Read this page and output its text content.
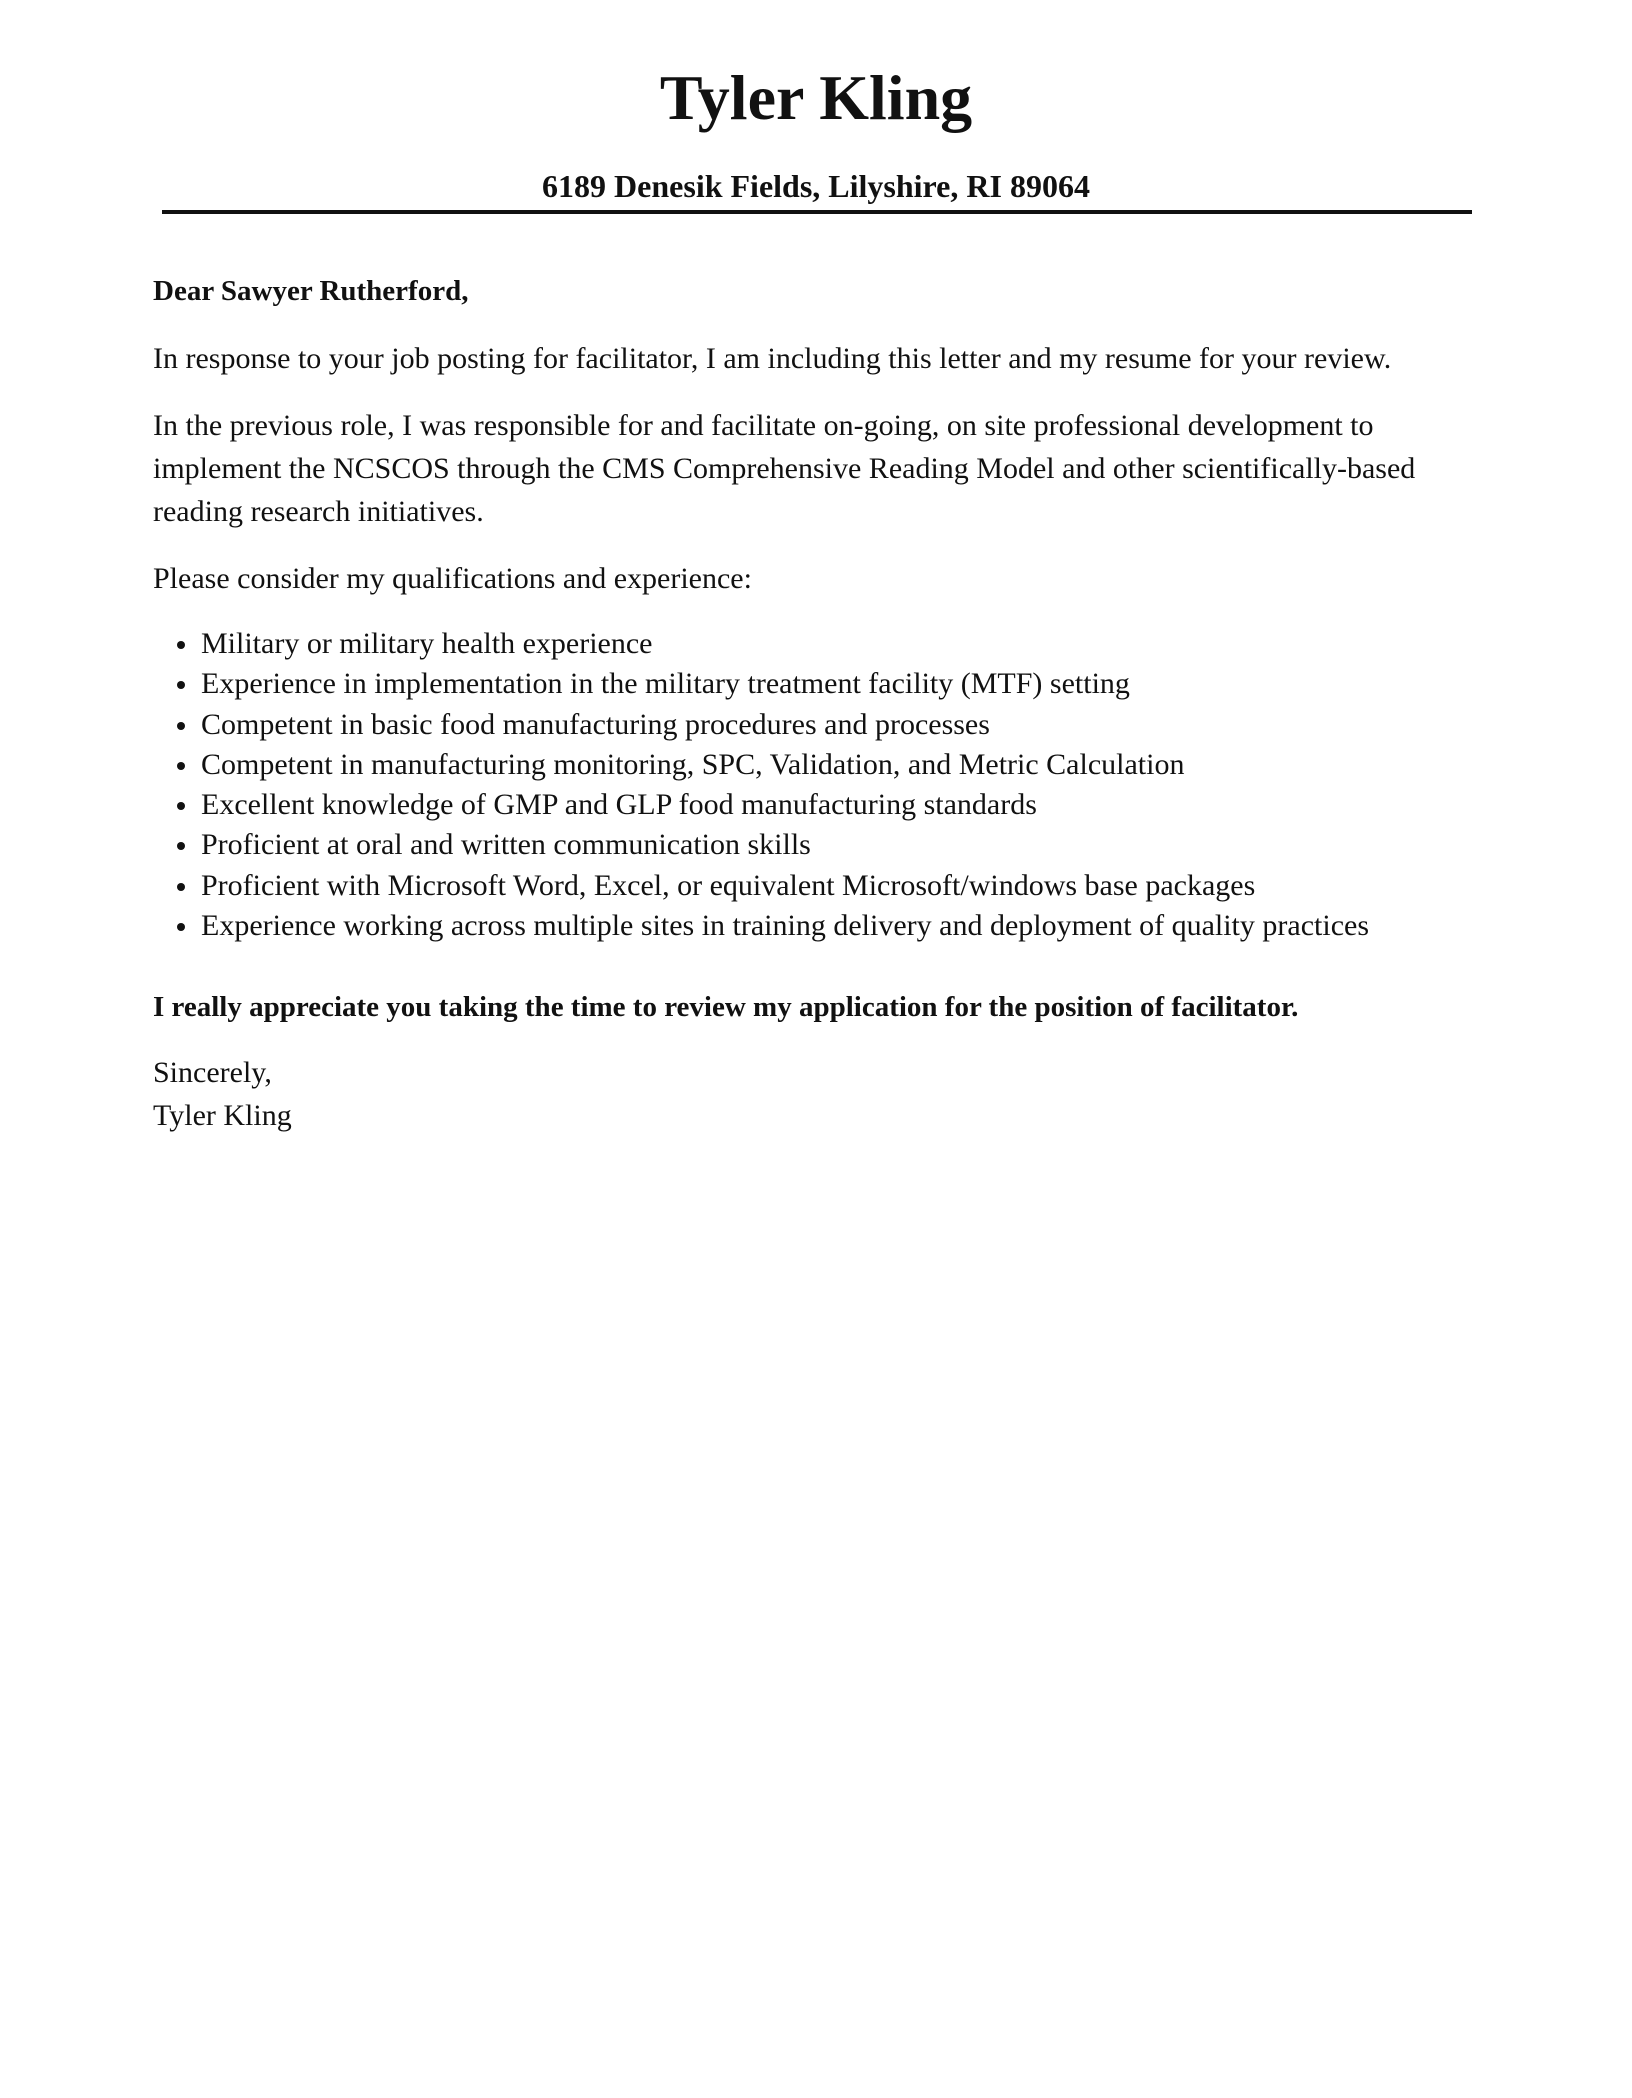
Tyler Kling
6189 Denesik Fields, Lilyshire, RI 89064

Dear Sawyer Rutherford,

In response to your job posting for facilitator, I am including this letter and my resume for your review.

In the previous role, I was responsible for and facilitate on-going, on site professional development to implement the NCSCOS through the CMS Comprehensive Reading Model and other scientifically-based reading research initiatives.

Please consider my qualifications and experience:

Military or military health experience
Experience in implementation in the military treatment facility (MTF) setting
Competent in basic food manufacturing procedures and processes
Competent in manufacturing monitoring, SPC, Validation, and Metric Calculation
Excellent knowledge of GMP and GLP food manufacturing standards
Proficient at oral and written communication skills
Proficient with Microsoft Word, Excel, or equivalent Microsoft/windows base packages
Experience working across multiple sites in training delivery and deployment of quality practices

I really appreciate you taking the time to review my application for the position of facilitator.

Sincerely,

Tyler Kling
